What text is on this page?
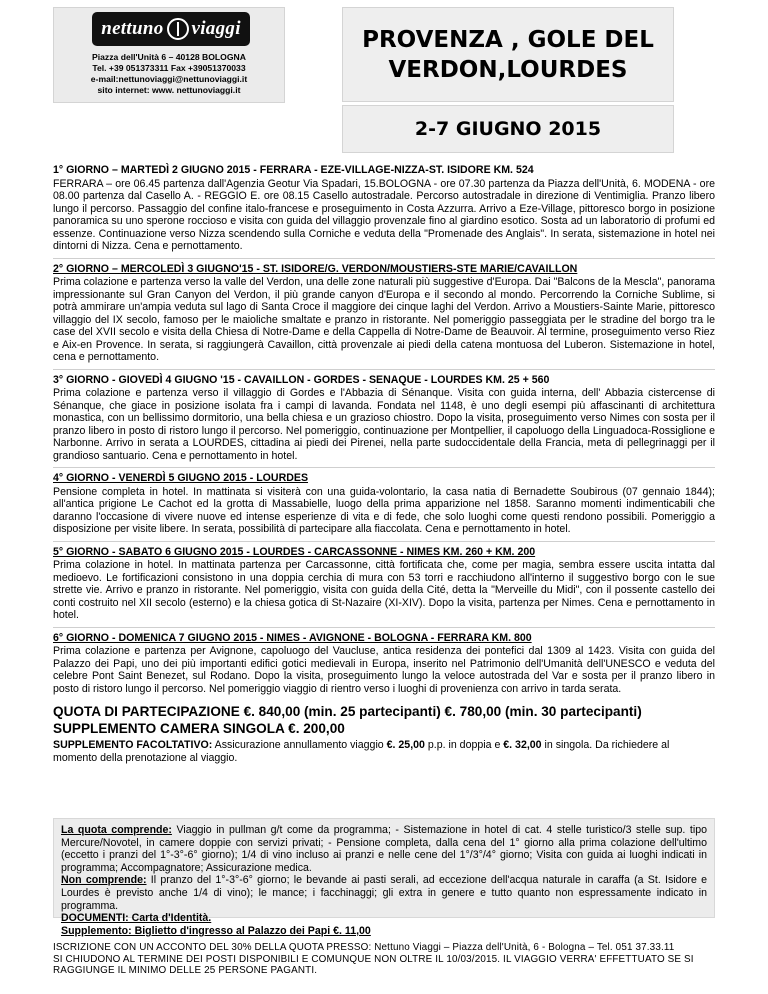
nettuno viaggi
Piazza dell'Unità 6 – 40128 BOLOGNA
Tel. +39 051373311 Fax +39051370033
e-mail:nettunoviaggi@nettunoviaggi.it
sito internet: www. nettunoviaggi.it
PROVENZA , GOLE DEL
VERDON,LOURDES
2-7 GIUGNO 2015
1° GIORNO – MARTEDÌ 2 GIUGNO 2015 - FERRARA - EZE-VILLAGE-NIZZA-ST. ISIDORE KM. 524

FERRARA – ore 06.45 partenza dall'Agenzia Geotur Via Spadari, 15.BOLOGNA - ore 07.30 partenza da Piazza dell'Unità, 6. MODENA - ore 08.00 partenza dal Casello A. - REGGIO E. ore 08.15 Casello autostradale. Percorso autostradale in direzione di Ventimiglia. Pranzo libero lungo il percorso. Passaggio del confine italo-francese e proseguimento in Costa Azzurra. Arrivo a Eze-Village, pittoresco borgo in posizione panoramica su uno sperone roccioso e visita con guida del villaggio provenzale fino al giardino esotico. Sosta ad un laboratorio di profumi ed essenze. Continuazione verso Nizza scendendo sulla Corniche e veduta della "Promenade des Anglais". In serata, sistemazione in hotel nei dintorni di Nizza. Cena e pernottamento.

2° GIORNO – MERCOLEDÌ 3 GIUGNO'15 - ST. ISIDORE/G. VERDON/MOUSTIERS-STE MARIE/CAVAILLON

Prima colazione e partenza verso la valle del Verdon, una delle zone naturali più suggestive d'Europa. Dai "Balcons de la Mescla", panorama impressionante sul Gran Canyon del Verdon, il più grande canyon d'Europa e il secondo al mondo. Percorrendo la Corniche Sublime, si potrà ammirare un'ampia veduta sul lago di Santa Croce il maggiore dei cinque laghi del Verdon. Arrivo a Moustiers-Sainte Marie, pittoresco villaggio del IX secolo, famoso per le maioliche smaltate e pranzo in ristorante. Nel pomeriggio passeggiata per le stradine del borgo tra le case del XVII secolo e visita della Chiesa di Notre-Dame e della Cappella di Notre-Dame de Beauvoir. Al termine, proseguimento verso Riez e Aix-en Provence. In serata, si raggiungerà Cavaillon, città provenzale ai piedi della catena montuosa del Luberon. Sistemazione in hotel, cena e pernottamento.

3° GIORNO - GIOVEDÌ 4 GIUGNO '15 - CAVAILLON - GORDES - SENAQUE - LOURDES KM. 25 + 560

Prima colazione e partenza verso il villaggio di Gordes e l'Abbazia di Sénanque. Visita con guida interna, dell' Abbazia cistercense di Sénanque, che giace in posizione isolata fra i campi di lavanda. Fondata nel 1148, è uno degli esempi più affascinanti di architettura monastica, con un bellissimo dormitorio, una bella chiesa e un grazioso chiostro. Dopo la visita, proseguimento verso Nimes con sosta per il pranzo libero in posto di ristoro lungo il percorso. Nel pomeriggio, continuazione per Montpellier, il capoluogo della Linguadoca-Rossiglione e Narbonne. Arrivo in serata a LOURDES, cittadina ai piedi dei Pirenei, nella parte sudoccidentale della Francia, meta di pellegrinaggi per il grandioso santuario. Cena e pernottamento in hotel.

4° GIORNO - VENERDÌ 5 GIUGNO 2015 - LOURDES

Pensione completa in hotel. In mattinata si visiterà con una guida-volontario, la casa natia di Bernadette Soubirous (07 gennaio 1844); all'antica prigione Le Cachot ed la grotta di Massabielle, luogo della prima apparizione nel 1858. Saranno momenti indimenticabili che daranno l'occasione di vivere nuove ed intense esperienze di vita e di fede, che solo luoghi come questi rendono possibili. Pomeriggio a disposizione per visite libere. In serata, possibilità di partecipare alla fiaccolata. Cena e pernottamento in hotel.

5° GIORNO - SABATO 6 GIUGNO 2015 - LOURDES - CARCASSONNE - NIMES KM. 260 + KM. 200

Prima colazione in hotel. In mattinata partenza per Carcassonne, città fortificata che, come per magia, sembra essere uscita intatta dal medioevo. Le fortificazioni consistono in una doppia cerchia di mura con 53 torri e racchiudono all'interno il suggestivo borgo con le sue strette vie. Arrivo e pranzo in ristorante. Nel pomeriggio, visita con guida della Cité, detta la "Merveille du Midi", con il possente castello dei conti costruito nel XII secolo (esterno) e la chiesa gotica di St-Nazaire (XI-XIV). Dopo la visita, partenza per Nimes. Cena e pernottamento in hotel.

6° GIORNO - DOMENICA 7 GIUGNO 2015 - NIMES - AVIGNONE - BOLOGNA - FERRARA KM. 800

Prima colazione e partenza per Avignone, capoluogo del Vaucluse, antica residenza dei pontefici dal 1309 al 1423. Visita con guida del Palazzo dei Papi, uno dei più importanti edifici gotici medievali in Europa, inserito nel Patrimonio dell'Umanità dell'UNESCO e veduta del celebre Pont Saint Benezet, sul Rodano. Dopo la visita, proseguimento lungo la veloce autostrada del Var e sosta per il pranzo libero in posto di ristoro lungo il percorso. Nel pomeriggio viaggio di rientro verso i luoghi di provenienza con arrivo in tarda serata.

QUOTA DI PARTECIPAZIONE €. 840,00 (min. 25 partecipanti) €. 780,00 (min. 30 partecipanti)
SUPPLEMENTO CAMERA SINGOLA €. 200,00

SUPPLEMENTO FACOLTATIVO: Assicurazione annullamento viaggio €. 25,00 p.p. in doppia e €. 32,00 in singola. Da richiedere al momento della prenotazione al viaggio.

La quota comprende: Viaggio in pullman g/t come da programma; - Sistemazione in hotel di cat. 4 stelle turistico/3 stelle sup. tipo Mercure/Novotel, in camere doppie con servizi privati; - Pensione completa, dalla cena del 1° giorno alla prima colazione dell'ultimo (eccetto i pranzi del 1°-3°-6° giorno); 1/4 di vino incluso ai pranzi e nelle cene del 1°/3°/4° giorno; Visita con guida ai luoghi indicati in programma; Accompagnatore; Assicurazione medica.

Non comprende: Il pranzo del 1°-3°-6° giorno; le bevande ai pasti serali, ad eccezione dell'acqua naturale in caraffa (a St. Isidore e Lourdes è previsto anche 1/4 di vino); le mance; i facchinaggi; gli extra in genere e tutto quanto non espressamente indicato in programma.

DOCUMENTI: Carta d'Identità.

Supplemento: Biglietto d'ingresso al Palazzo dei Papi €. 11,00

ISCRIZIONE CON UN ACCONTO DEL 30% DELLA QUOTA PRESSO: Nettuno Viaggi – Piazza dell'Unità, 6 - Bologna – Tel. 051 37.33.11
SI CHIUDONO AL TERMINE DEI POSTI DISPONIBILI E COMUNQUE NON OLTRE IL 10/03/2015. IL VIAGGIO VERRA' EFFETTUATO SE SI RAGGIUNGE IL MINIMO DELLE 25 PERSONE PAGANTI.
